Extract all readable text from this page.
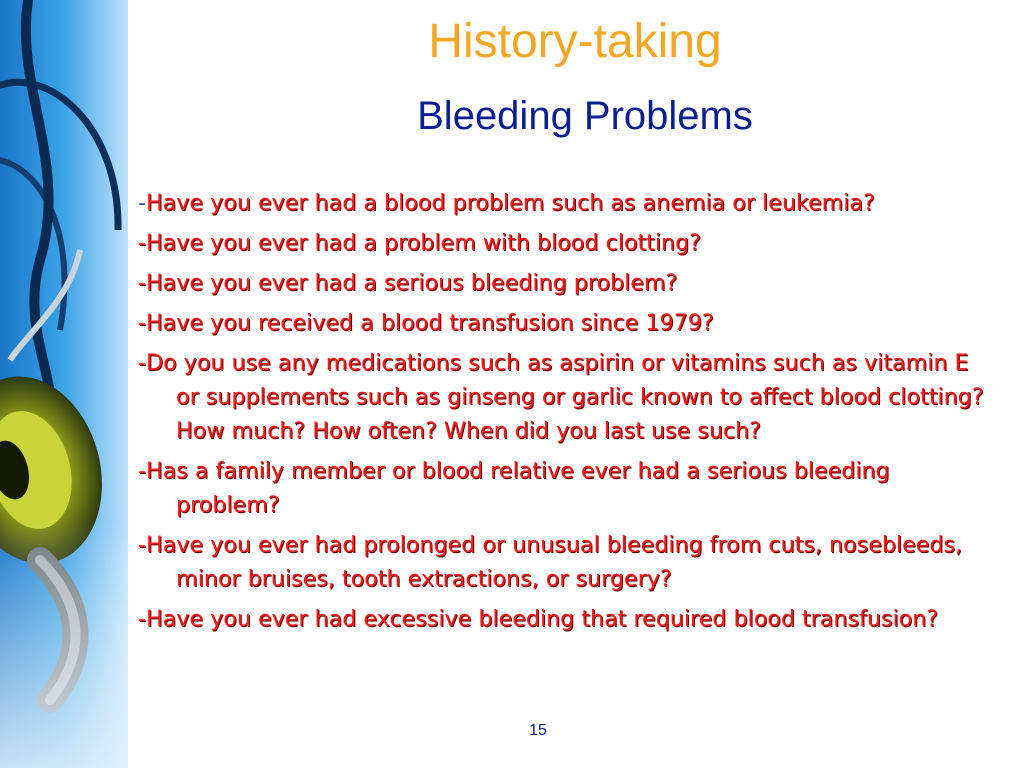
History-taking
Bleeding Problems
-Have you ever had a blood problem such as anemia or leukemia?
-Have you ever had a problem with blood clotting?
-Have you ever had a serious bleeding problem?
-Have you received a blood transfusion since 1979?
-Do you use any medications such as aspirin or vitamins such as vitamin E or supplements such as ginseng or garlic known to affect blood clotting? How much? How often? When did you last use such?
-Has a family member or blood relative ever had a serious bleeding problem?
-Have you ever had prolonged or unusual bleeding from cuts, nosebleeds, minor bruises, tooth extractions, or surgery?
-Have you ever had excessive bleeding that required blood transfusion?
15
